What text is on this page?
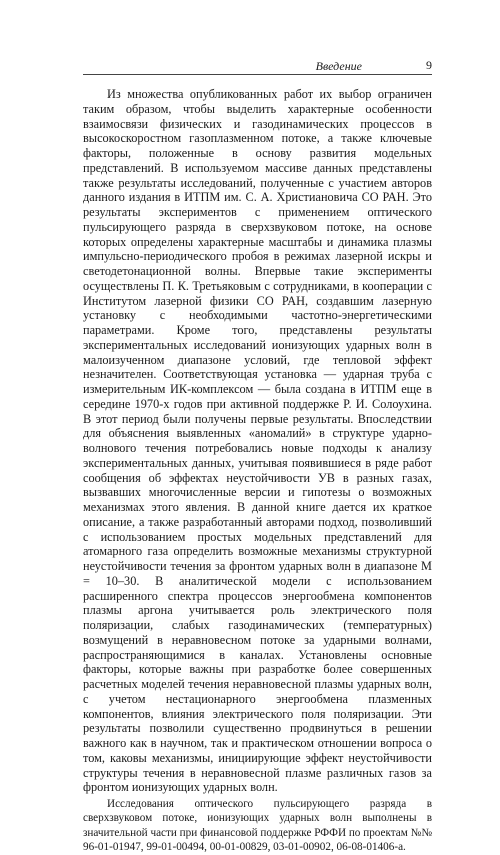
Введение	9

Из множества опубликованных работ их выбор ограничен таким образом, чтобы выделить характерные особенности взаимосвязи физических и газодинамических процессов в высокоскоростном газоплазменном потоке, а также ключевые факторы, положенные в основу развития модельных представлений. В используемом массиве данных представлены также результаты исследований, полученные с участием авторов данного издания в ИТПМ им. С. А. Христиановича СО РАН. Это результаты экспериментов с применением оптического пульсирующего разряда в сверхзвуковом потоке, на основе которых определены характерные масштабы и динамика плазмы импульсно-периодического пробоя в режимах лазерной искры и светодетонационной волны. Впервые такие эксперименты осуществлены П. К. Третьяковым с сотрудниками, в кооперации с Институтом лазерной физики СО РАН, создавшим лазерную установку с необходимыми частотно-энергетическими параметрами. Кроме того, представлены результаты экспериментальных исследований ионизующих ударных волн в малоизученном диапазоне условий, где тепловой эффект незначителен. Соответствующая установка — ударная труба с измерительным ИК-комплексом — была создана в ИТПМ еще в середине 1970-х годов при активной поддержке Р. И. Солоухина. В этот период были получены первые результаты. Впоследствии для объяснения выявленных «аномалий» в структуре ударно-волнового течения потребовались новые подходы к анализу экспериментальных данных, учитывая появившиеся в ряде работ сообщения об эффектах неустойчивости УВ в разных газах, вызвавших многочисленные версии и гипотезы о возможных механизмах этого явления. В данной книге дается их краткое описание, а также разработанный авторами подход, позволивший с использованием простых модельных представлений для атомарного газа определить возможные механизмы структурной неустойчивости течения за фронтом ударных волн в диапазоне M = 10–30. В аналитической модели с использованием расширенного спектра процессов энергообмена компонентов плазмы аргона учитывается роль электрического поля поляризации, слабых газодинамических (температурных) возмущений в неравновесном потоке за ударными волнами, распространяющимися в каналах. Установлены основные факторы, которые важны при разработке более совершенных расчетных моделей течения неравновесной плазмы ударных волн, с учетом нестационарного энергообмена плазменных компонентов, влияния электрического поля поляризации. Эти результаты позволили существенно продвинуться в решении важного как в научном, так и практическом отношении вопроса о том, каковы механизмы, инициирующие эффект неустойчивости структуры течения в неравновесной плазме различных газов за фронтом ионизующих ударных волн.

Исследования оптического пульсирующего разряда в сверхзвуковом потоке, ионизующих ударных волн выполнены в значительной части при финансовой поддержке РФФИ по проектам №№ 96-01-01947, 99-01-00494, 00-01-00829, 03-01-00902, 06-08-01406-а.
